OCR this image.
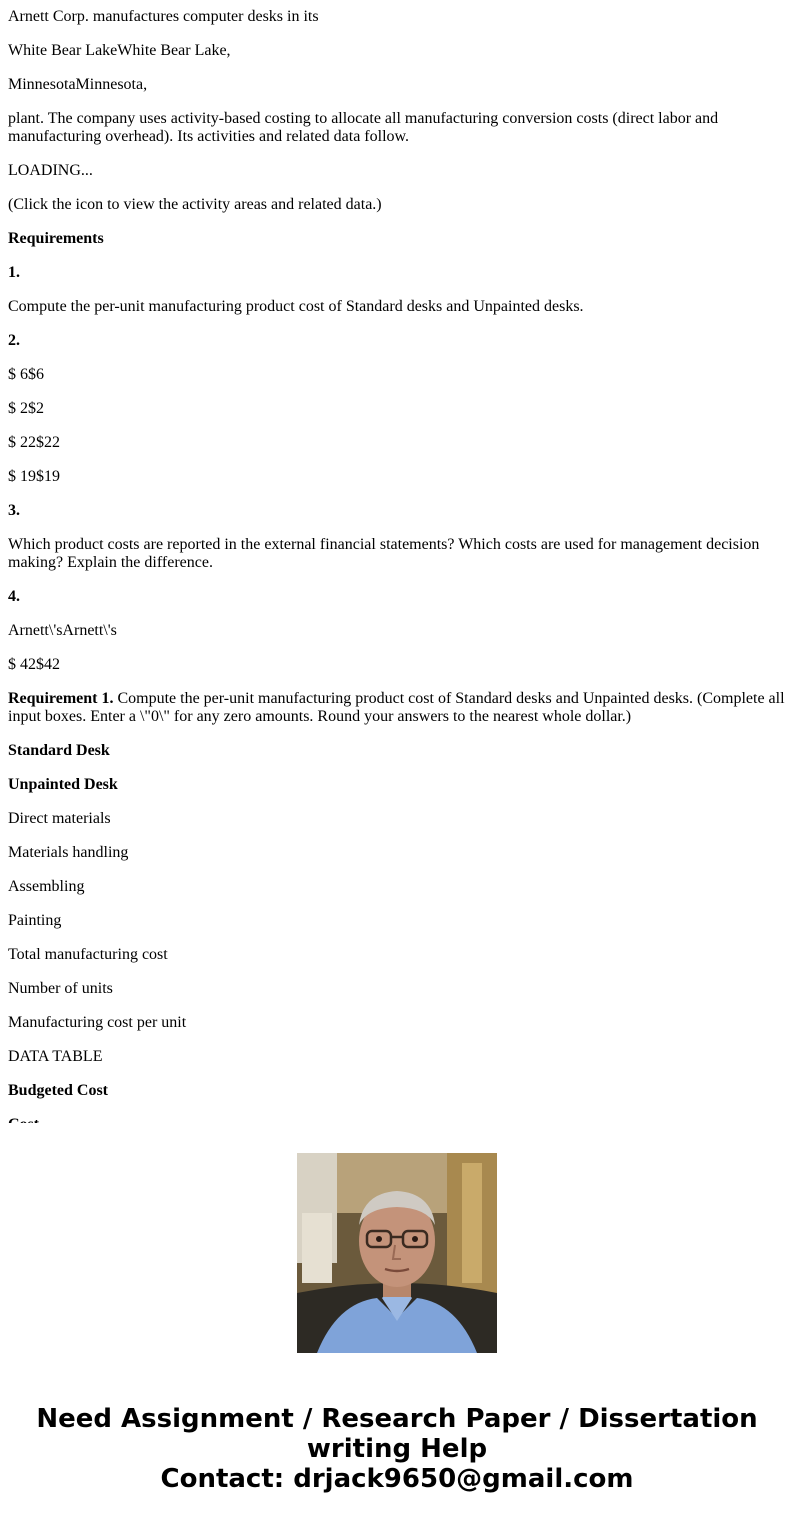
Arnett Corp. manufactures computer desks in its

White Bear LakeWhite Bear Lake,

MinnesotaMinnesota,

plant. The company uses activity-based costing to allocate all manufacturing conversion costs (direct labor and manufacturing overhead). Its activities and related data follow.

LOADING...

(Click the icon to view the activity areas and related data.)

Requirements

1.

Compute the per-unit manufacturing product cost of Standard desks and Unpainted desks.

2.

$ 6$6

$ 2$2

$ 22$22

$ 19$19

3.

Which product costs are reported in the external financial statements? Which costs are used for management decision making? Explain the difference.

4.

Arnett\'sArnett\'s

$ 42$42

Requirement 1. Compute the per-unit manufacturing product cost of Standard desks and Unpainted desks. (Complete all input boxes. Enter a \"0\" for any zero amounts. Round your answers to the nearest whole dollar.)

Standard Desk

Unpainted Desk

Direct materials

Materials handling

Assembling

Painting

Total manufacturing cost

Number of units

Manufacturing cost per unit

DATA TABLE

Budgeted Cost

Need Assignment / Research Paper / Dissertation
writing Help
Contact: drjack9650@gmail.com
